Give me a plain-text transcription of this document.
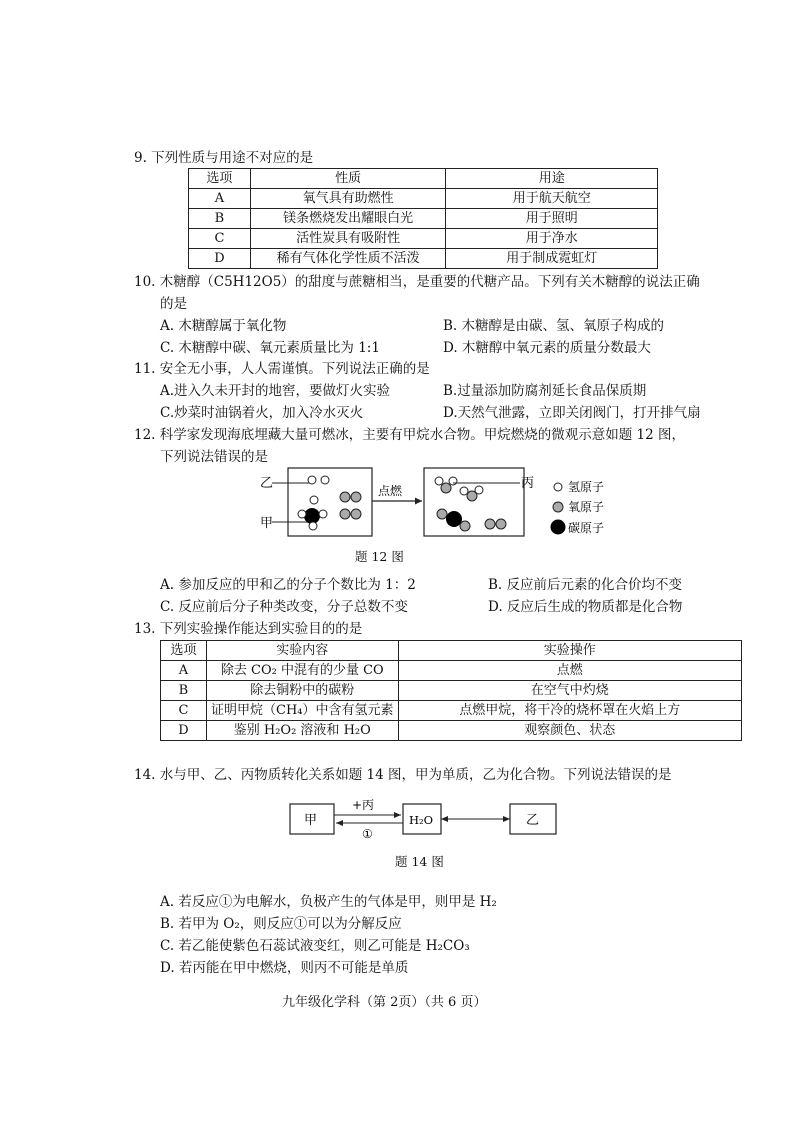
9. 下列性质与用途不对应的是
选项	性质	用途
A	氧气具有助燃性	用于航天航空
B	镁条燃烧发出耀眼白光	用于照明
C	活性炭具有吸附性	用于净水
D	稀有气体化学性质不活泼	用于制成霓虹灯
10. 木糖醇（C5H12O5）的甜度与蔗糖相当，是重要的代糖产品。下列有关木糖醇的说法正确
的是
A. 木糖醇属于氧化物	B. 木糖醇是由碳、氢、氧原子构成的
C. 木糖醇中碳、氧元素质量比为 1:1	D. 木糖醇中氧元素的质量分数最大
11. 安全无小事，人人需谨慎。下列说法正确的是
A.进入久未开封的地窖，要做灯火实验	B.过量添加防腐剂延长食品保质期
C.炒菜时油锅着火，加入冷水灭火	D.天然气泄露，立即关闭阀门，打开排气扇
12. 科学家发现海底埋藏大量可燃冰，主要有甲烷水合物。甲烷燃烧的微观示意如题 12 图，
下列说法错误的是
点燃
乙
甲
丙	氢原子
氧原子
碳原子
题 12 图
A. 参加反应的甲和乙的分子个数比为 1：2	B. 反应前后元素的化合价均不变
C. 反应前后分子种类改变，分子总数不变	D. 反应后生成的物质都是化合物
13. 下列实验操作能达到实验目的的是
选项	实验内容	实验操作
A	除去 CO₂ 中混有的少量 CO	点燃
B	除去铜粉中的碳粉	在空气中灼烧
C	证明甲烷（CH₄）中含有氢元素	点燃甲烷，将干冷的烧杯罩在火焰上方
D	鉴别 H₂O₂ 溶液和 H₂O	观察颜色、状态
14. 水与甲、乙、丙物质转化关系如题 14 图，甲为单质，乙为化合物。下列说法错误的是
甲	H₂O	乙
+丙
①
题 14 图
A. 若反应①为电解水，负极产生的气体是甲，则甲是 H₂
B. 若甲为 O₂，则反应①可以为分解反应
C. 若乙能使紫色石蕊试液变红，则乙可能是 H₂CO₃
D. 若丙能在甲中燃烧，则丙不可能是单质
九年级化学科（第 2页）（共 6 页）
